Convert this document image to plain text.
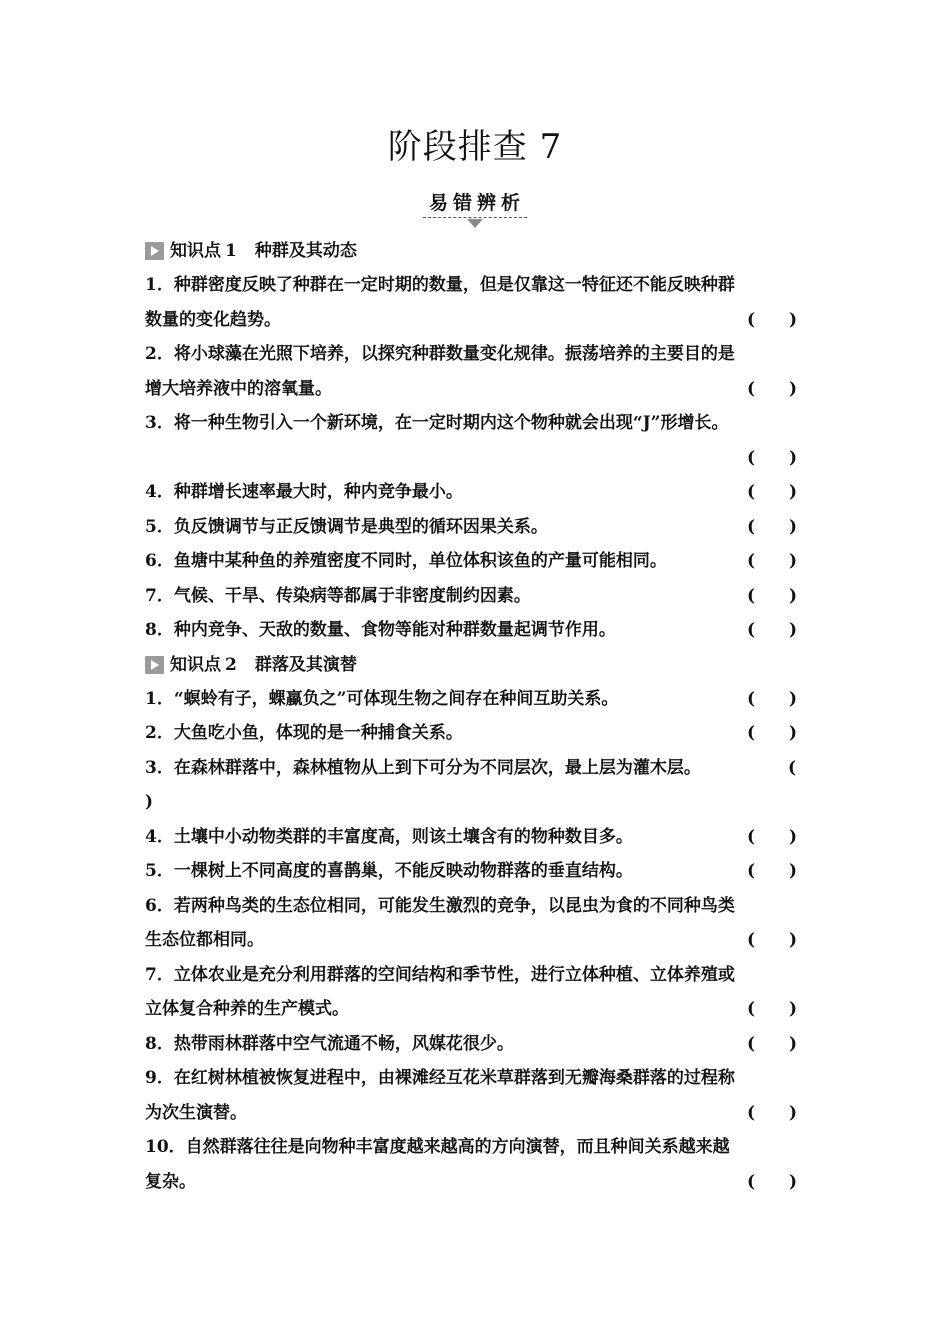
阶段排查 7
易错辨析
知识点 1 种群及其动态
1．种群密度反映了种群在一定时期的数量，但是仅靠这一特征还不能反映种群
数量的变化趋势。	(　　)
2．将小球藻在光照下培养，以探究种群数量变化规律。振荡培养的主要目的是
增大培养液中的溶氧量。	(　　)
3．将一种生物引入一个新环境，在一定时期内这个物种就会出现“J”形增长。
(　　)
4．种群增长速率最大时，种内竞争最小。	(　　)
5．负反馈调节与正反馈调节是典型的循环因果关系。	(　　)
6．鱼塘中某种鱼的养殖密度不同时，单位体积该鱼的产量可能相同。	(　　)
7．气候、干旱、传染病等都属于非密度制约因素。	(　　)
8．种内竞争、天敌的数量、食物等能对种群数量起调节作用。	(　　)
知识点 2 群落及其演替
1．“螟蛉有子，蜾蠃负之”可体现生物之间存在种间互助关系。	(　　)
2．大鱼吃小鱼，体现的是一种捕食关系。	(　　)
3．在森林群落中，森林植物从上到下可分为不同层次，最上层为灌木层。	(
)
4．土壤中小动物类群的丰富度高，则该土壤含有的物种数目多。	(　　)
5．一棵树上不同高度的喜鹊巢，不能反映动物群落的垂直结构。	(　　)
6．若两种鸟类的生态位相同，可能发生激烈的竞争，以昆虫为食的不同种鸟类
生态位都相同。	(　　)
7．立体农业是充分利用群落的空间结构和季节性，进行立体种植、立体养殖或
立体复合种养的生产模式。	(　　)
8．热带雨林群落中空气流通不畅，风媒花很少。	(　　)
9．在红树林植被恢复进程中，由裸滩经互花米草群落到无瓣海桑群落的过程称
为次生演替。	(　　)
10．自然群落往往是向物种丰富度越来越高的方向演替，而且种间关系越来越
复杂。	(　　)
